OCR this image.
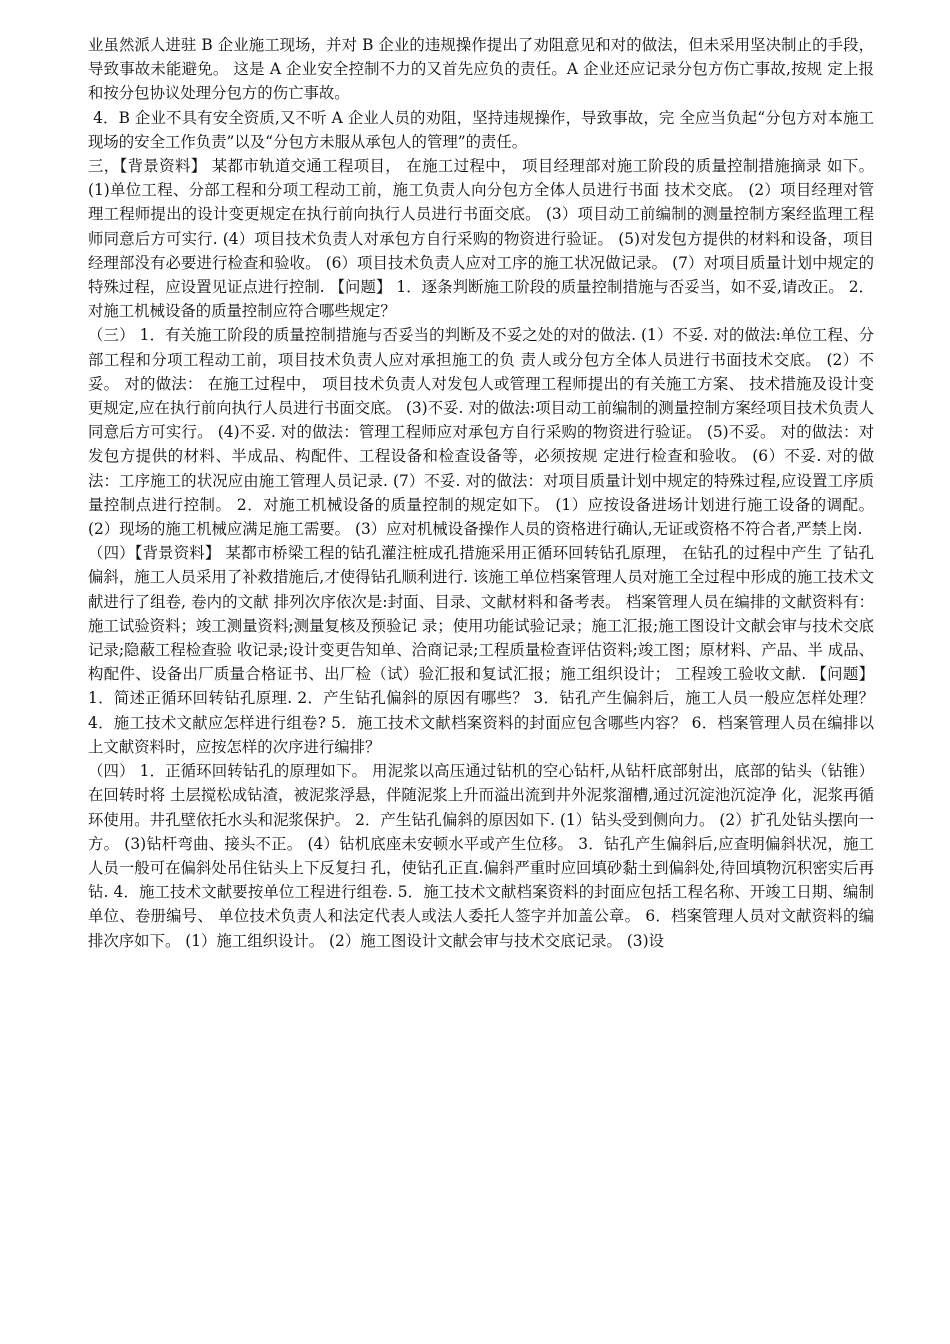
业虽然派人进驻 B 企业施工现场，并对 B 企业的违规操作提出了劝阻意见和对的做法，但未采用坚决制止的手段， 导致事故未能避免。 这是 A 企业安全控制不力的又首先应负的责任。A 企业还应记录分包方伤亡事故,按规 定上报和按分包协议处理分包方的伤亡事故。

4．B 企业不具有安全资质,又不听 A 企业人员的劝阻，坚持违规操作，导致事故，完 全应当负起“分包方对本施工现场的安全工作负责”以及“分包方未服从承包人的管理”的责任。

三，【背景资料】 某都市轨道交通工程项目， 在施工过程中， 项目经理部对施工阶段的质量控制措施摘录 如下。 (1)单位工程、分部工程和分项工程动工前，施工负责人向分包方全体人员进行书面 技术交底。 (2）项目经理对管理工程师提出的设计变更规定在执行前向执行人员进行书面交底。 (3）项目动工前编制的测量控制方案经监理工程师同意后方可实行. (4）项目技术负责人对承包方自行采购的物资进行验证。 (5)对发包方提供的材料和设备，项目经理部没有必要进行检查和验收。 (6）项目技术负责人应对工序的施工状况做记录。 (7）对项目质量计划中规定的特殊过程，应设置见证点进行控制. 【问题】 1．逐条判断施工阶段的质量控制措施与否妥当，如不妥,请改正。 2．对施工机械设备的质量控制应符合哪些规定？

（三） 1．有关施工阶段的质量控制措施与否妥当的判断及不妥之处的对的做法. (1）不妥. 对的做法:单位工程、分部工程和分项工程动工前，项目技术负责人应对承担施工的负 责人或分包方全体人员进行书面技术交底。 (2）不妥。 对的做法： 在施工过程中， 项目技术负责人对发包人或管理工程师提出的有关施工方案、 技术措施及设计变更规定,应在执行前向执行人员进行书面交底。 (3)不妥. 对的做法:项目动工前编制的测量控制方案经项目技术负责人同意后方可实行。 (4)不妥. 对的做法：管理工程师应对承包方自行采购的物资进行验证。 (5)不妥。 对的做法：对发包方提供的材料、半成品、构配件、工程设备和检查设备等，必须按规 定进行检查和验收。 (6）不妥. 对的做法：工序施工的状况应由施工管理人员记录. (7）不妥. 对的做法：对项目质量计划中规定的特殊过程,应设置工序质量控制点进行控制。 2．对施工机械设备的质量控制的规定如下。 (1）应按设备进场计划进行施工设备的调配。 (2）现场的施工机械应满足施工需要。 (3）应对机械设备操作人员的资格进行确认,无证或资格不符合者,严禁上岗.

（四）【背景资料】 某都市桥梁工程的钻孔灌注桩成孔措施采用正循环回转钻孔原理， 在钻孔的过程中产生 了钻孔偏斜，施工人员采用了补救措施后,才使得钻孔顺利进行. 该施工单位档案管理人员对施工全过程中形成的施工技术文献进行了组卷, 卷内的文献 排列次序依次是:封面、目录、文献材料和备考表。 档案管理人员在编排的文献资料有：施工试验资料；竣工测量资料;测量复核及预验记 录；使用功能试验记录；施工汇报;施工图设计文献会审与技术交底记录;隐蔽工程检查验 收记录;设计变更告知单、洽商记录;工程质量检查评估资料;竣工图；原材料、产品、半 成品、构配件、设备出厂质量合格证书、出厂检（试）验汇报和复试汇报；施工组织设计； 工程竣工验收文献. 【问题】 1．简述正循环回转钻孔原理. 2．产生钻孔偏斜的原因有哪些？ 3．钻孔产生偏斜后，施工人员一般应怎样处理？ 4．施工技术文献应怎样进行组卷? 5．施工技术文献档案资料的封面应包含哪些内容？ 6．档案管理人员在编排以上文献资料时，应按怎样的次序进行编排？

（四） 1．正循环回转钻孔的原理如下。 用泥浆以高压通过钻机的空心钻杆,从钻杆底部射出，底部的钻头（钻锥）在回转时将 土层搅松成钻渣，被泥浆浮悬，伴随泥浆上升而溢出流到井外泥浆溜槽,通过沉淀池沉淀净 化，泥浆再循环使用。井孔壁依托水头和泥浆保护。 2．产生钻孔偏斜的原因如下. (1）钻头受到侧向力。 (2）扩孔处钻头摆向一方。 (3)钻杆弯曲、接头不正。 (4）钻机底座未安顿水平或产生位移。 3．钻孔产生偏斜后,应查明偏斜状况，施工人员一般可在偏斜处吊住钻头上下反复扫 孔，使钻孔正直.偏斜严重时应回填砂黏土到偏斜处,待回填物沉积密实后再钻. 4．施工技术文献要按单位工程进行组卷. 5．施工技术文献档案资料的封面应包括工程名称、开竣工日期、编制单位、卷册编号、 单位技术负责人和法定代表人或法人委托人签字并加盖公章。 6．档案管理人员对文献资料的编排次序如下。 (1）施工组织设计。 (2）施工图设计文献会审与技术交底记录。 (3)设
